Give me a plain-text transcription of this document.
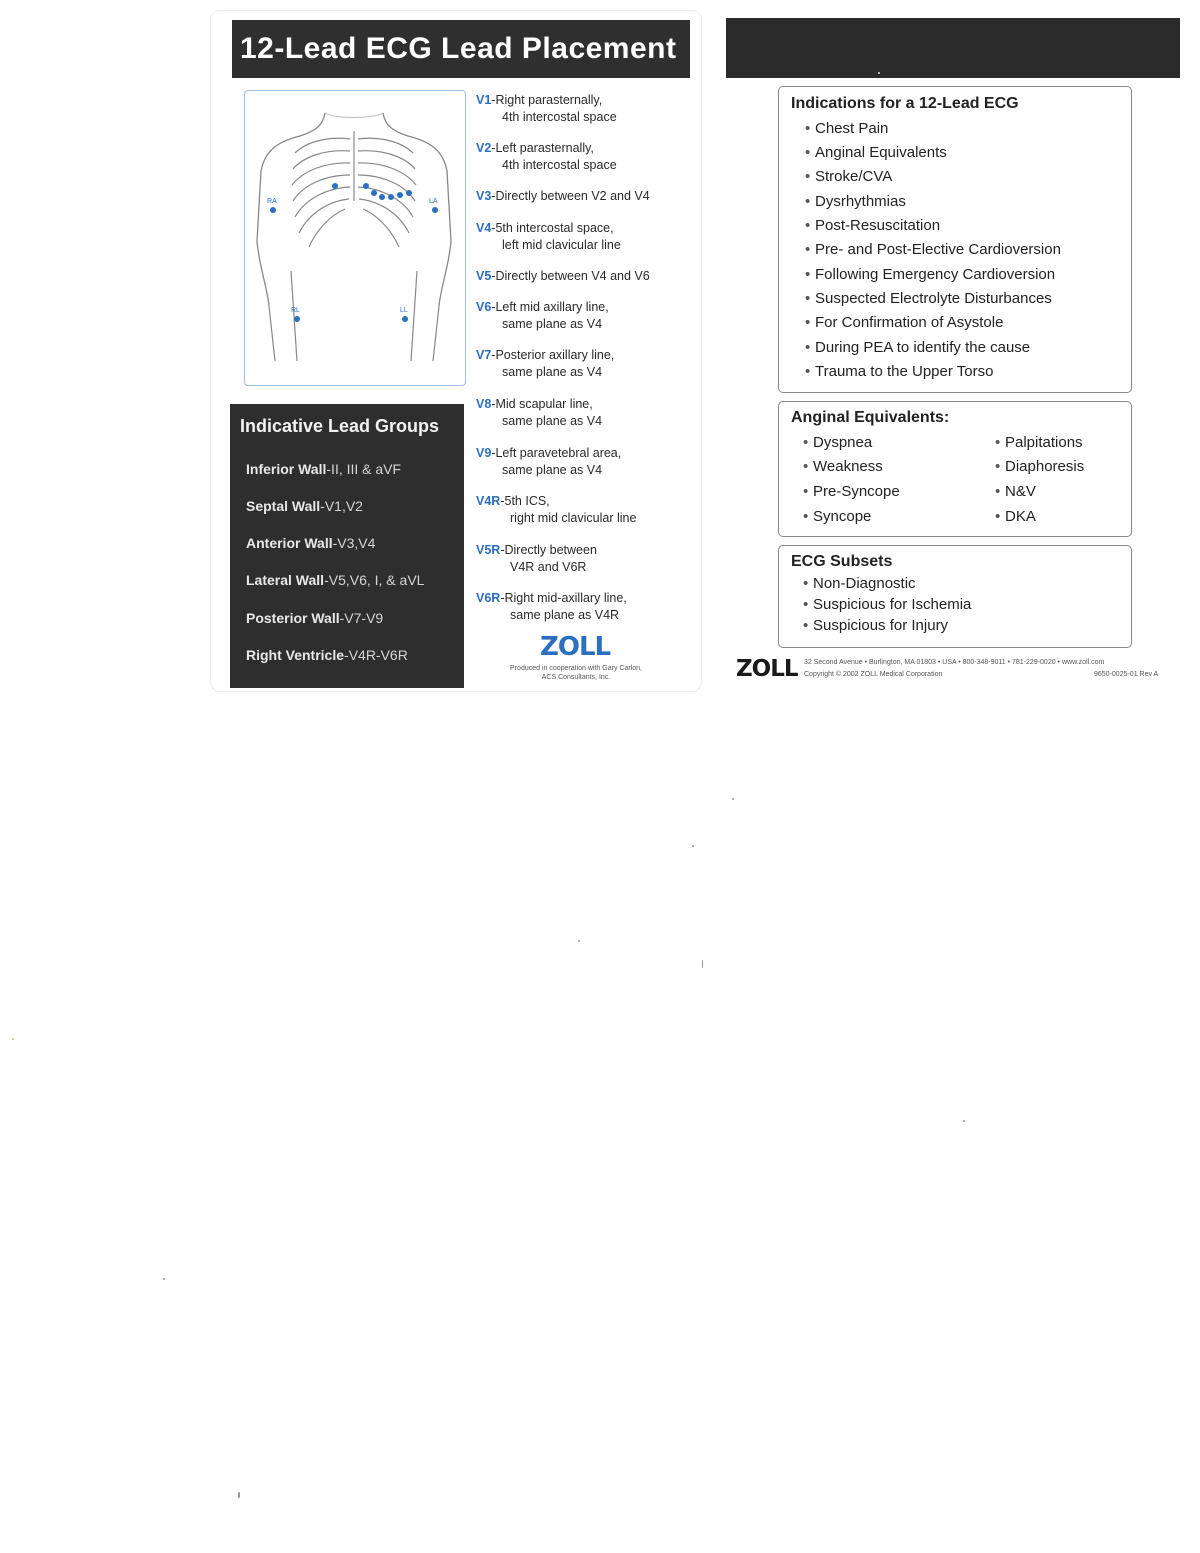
12-Lead ECG Lead Placement
RA	LA
RL	LL
Indicative Lead Groups
Inferior Wall-II, III & aVF
Septal Wall-V1,V2
Anterior Wall-V3,V4
Lateral Wall-V5,V6, I, & aVL
Posterior Wall-V7-V9
Right Ventricle-V4R-V6R
V1-Right parasternally,
4th intercostal space
V2-Left parasternally,
4th intercostal space
V3-Directly between V2 and V4
V4-5th intercostal space,
left mid clavicular line
V5-Directly between V4 and V6
V6-Left mid axillary line,
same plane as V4
V7-Posterior axillary line,
same plane as V4
V8-Mid scapular line,
same plane as V4
V9-Left paravetebral area,
same plane as V4
V4R-5th ICS,
right mid clavicular line
V5R-Directly between
V4R and V6R
V6R-Right mid-axillary line,
same plane as V4R
ZOLL
Produced in cooperation with Gary Carlon, ACS Consultants, Inc.
Indications for a 12-Lead ECG
• Chest Pain
• Anginal Equivalents
• Stroke/CVA
• Dysrhythmias
• Post-Resuscitation
• Pre- and Post-Elective Cardioversion
• Following Emergency Cardioversion
• Suspected Electrolyte Disturbances
• For Confirmation of Asystole
• During PEA to identify the cause
• Trauma to the Upper Torso
Anginal Equivalents:
• Dyspnea
• Weakness
• Pre-Syncope
• Syncope
• Palpitations
• Diaphoresis
• N&V
• DKA
ECG Subsets
• Non-Diagnostic
• Suspicious for Ischemia
• Suspicious for Injury
ZOLL 32 Second Avenue • Burlington, MA 01803 • USA • 800-348-9011 • 781-229-0020 • www.zoll.com
Copyright © 2002 ZOLL Medical Corporation	9650-0025-01 Rev A
